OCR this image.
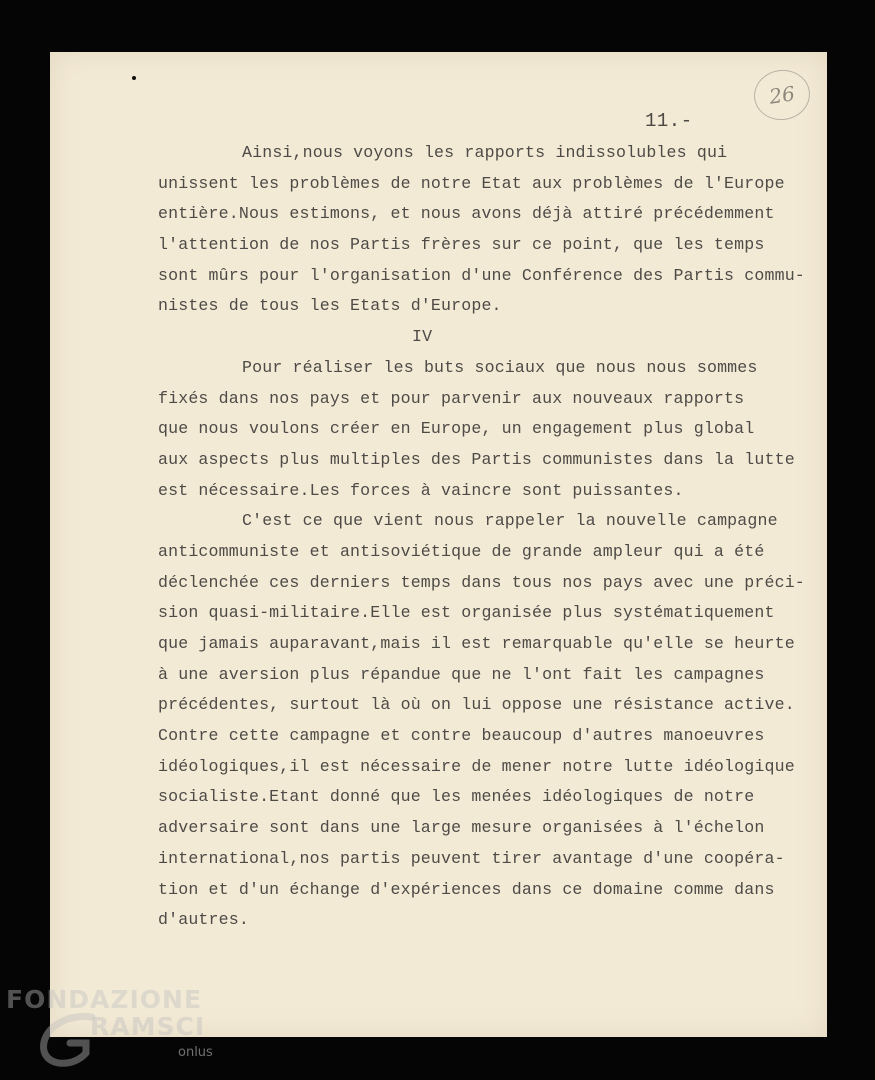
26
11.-
Ainsi,nous voyons les rapports indissolubles qui
unissent les problèmes de notre Etat aux problèmes de l'Europe
entière.Nous estimons, et nous avons déjà attiré précédemment
l'attention de nos Partis frères sur ce point, que les temps
sont mûrs pour l'organisation d'une Conférence des Partis commu-
nistes de tous les Etats d'Europe.
IV
Pour réaliser les buts sociaux que nous nous sommes
fixés dans nos pays et pour parvenir aux nouveaux rapports
que nous voulons créer en Europe, un engagement plus global
aux aspects plus multiples des Partis communistes dans la lutte
est nécessaire.Les forces à vaincre sont puissantes.
C'est ce que vient nous rappeler la nouvelle campagne
anticommuniste et antisoviétique de grande ampleur qui a été
déclenchée ces derniers temps dans tous nos pays avec une préci-
sion quasi-militaire.Elle est organisée plus systématiquement
que jamais auparavant,mais il est remarquable qu'elle se heurte
à une aversion plus répandue que ne l'ont fait les campagnes
précédentes, surtout là où on lui oppose une résistance active.
Contre cette campagne et contre beaucoup d'autres manoeuvres
idéologiques,il est nécessaire de mener notre lutte idéologique
socialiste.Etant donné que les menées idéologiques de notre
adversaire sont dans une large mesure organisées à l'échelon
international,nos partis peuvent tirer avantage d'une coopéra-
tion et d'un échange d'expériences dans ce domaine comme dans
d'autres.
FONDAZIONE
RAMSCI
onlus
